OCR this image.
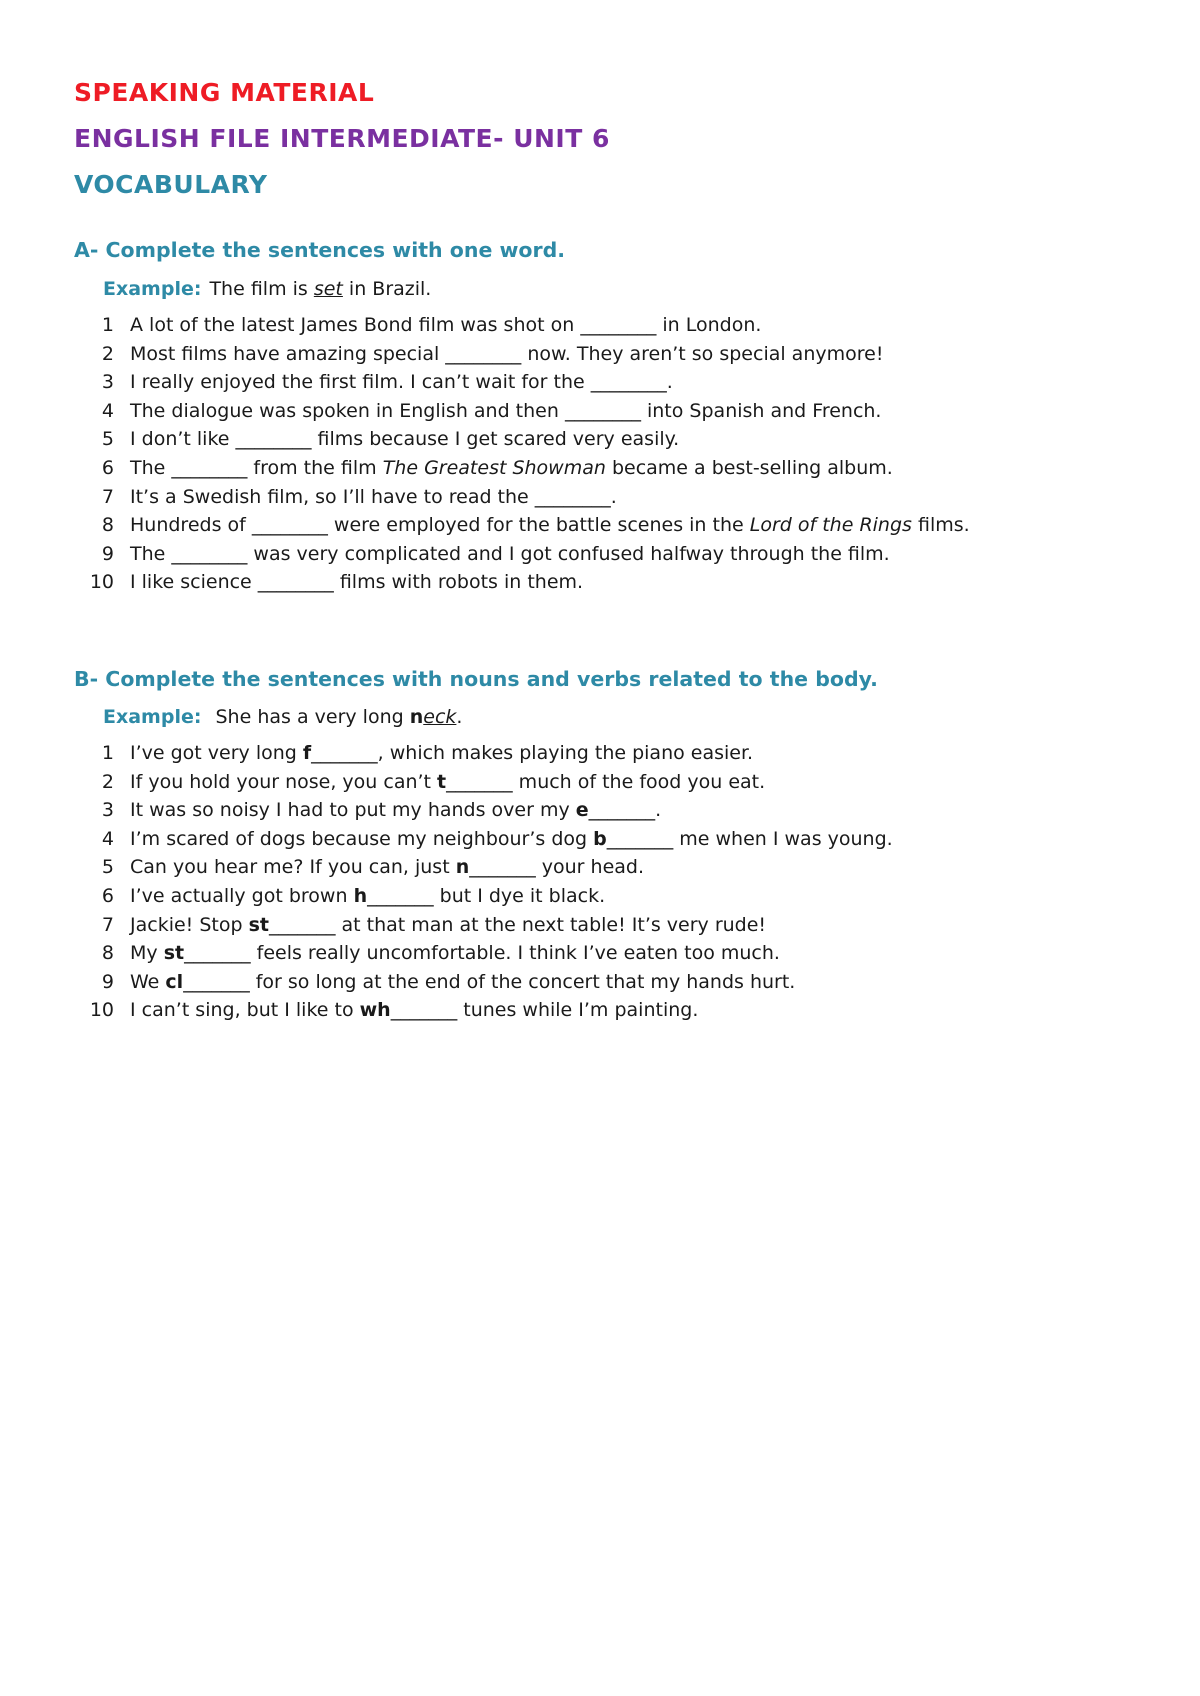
SPEAKING MATERIAL
ENGLISH FILE INTERMEDIATE- UNIT 6
VOCABULARY
A- Complete the sentences with one word.
Example: The film is set in Brazil.
1 A lot of the latest James Bond film was shot on ________ in London.
2 Most films have amazing special ________ now. They aren’t so special anymore!
3 I really enjoyed the first film. I can’t wait for the ________.
4 The dialogue was spoken in English and then ________ into Spanish and French.
5 I don’t like ________ films because I get scared very easily.
6 The ________ from the film The Greatest Showman became a best-selling album.
7 It’s a Swedish film, so I’ll have to read the ________.
8 Hundreds of ________ were employed for the battle scenes in the Lord of the Rings films.
9 The ________ was very complicated and I got confused halfway through the film.
10 I like science ________ films with robots in them.
B- Complete the sentences with nouns and verbs related to the body.
Example: She has a very long neck.
1 I’ve got very long f_______, which makes playing the piano easier.
2 If you hold your nose, you can’t t_______ much of the food you eat.
3 It was so noisy I had to put my hands over my e_______.
4 I’m scared of dogs because my neighbour’s dog b_______ me when I was young.
5 Can you hear me? If you can, just n_______ your head.
6 I’ve actually got brown h_______ but I dye it black.
7 Jackie! Stop st_______ at that man at the next table! It’s very rude!
8 My st_______ feels really uncomfortable. I think I’ve eaten too much.
9 We cl_______ for so long at the end of the concert that my hands hurt.
10 I can’t sing, but I like to wh_______ tunes while I’m painting.
